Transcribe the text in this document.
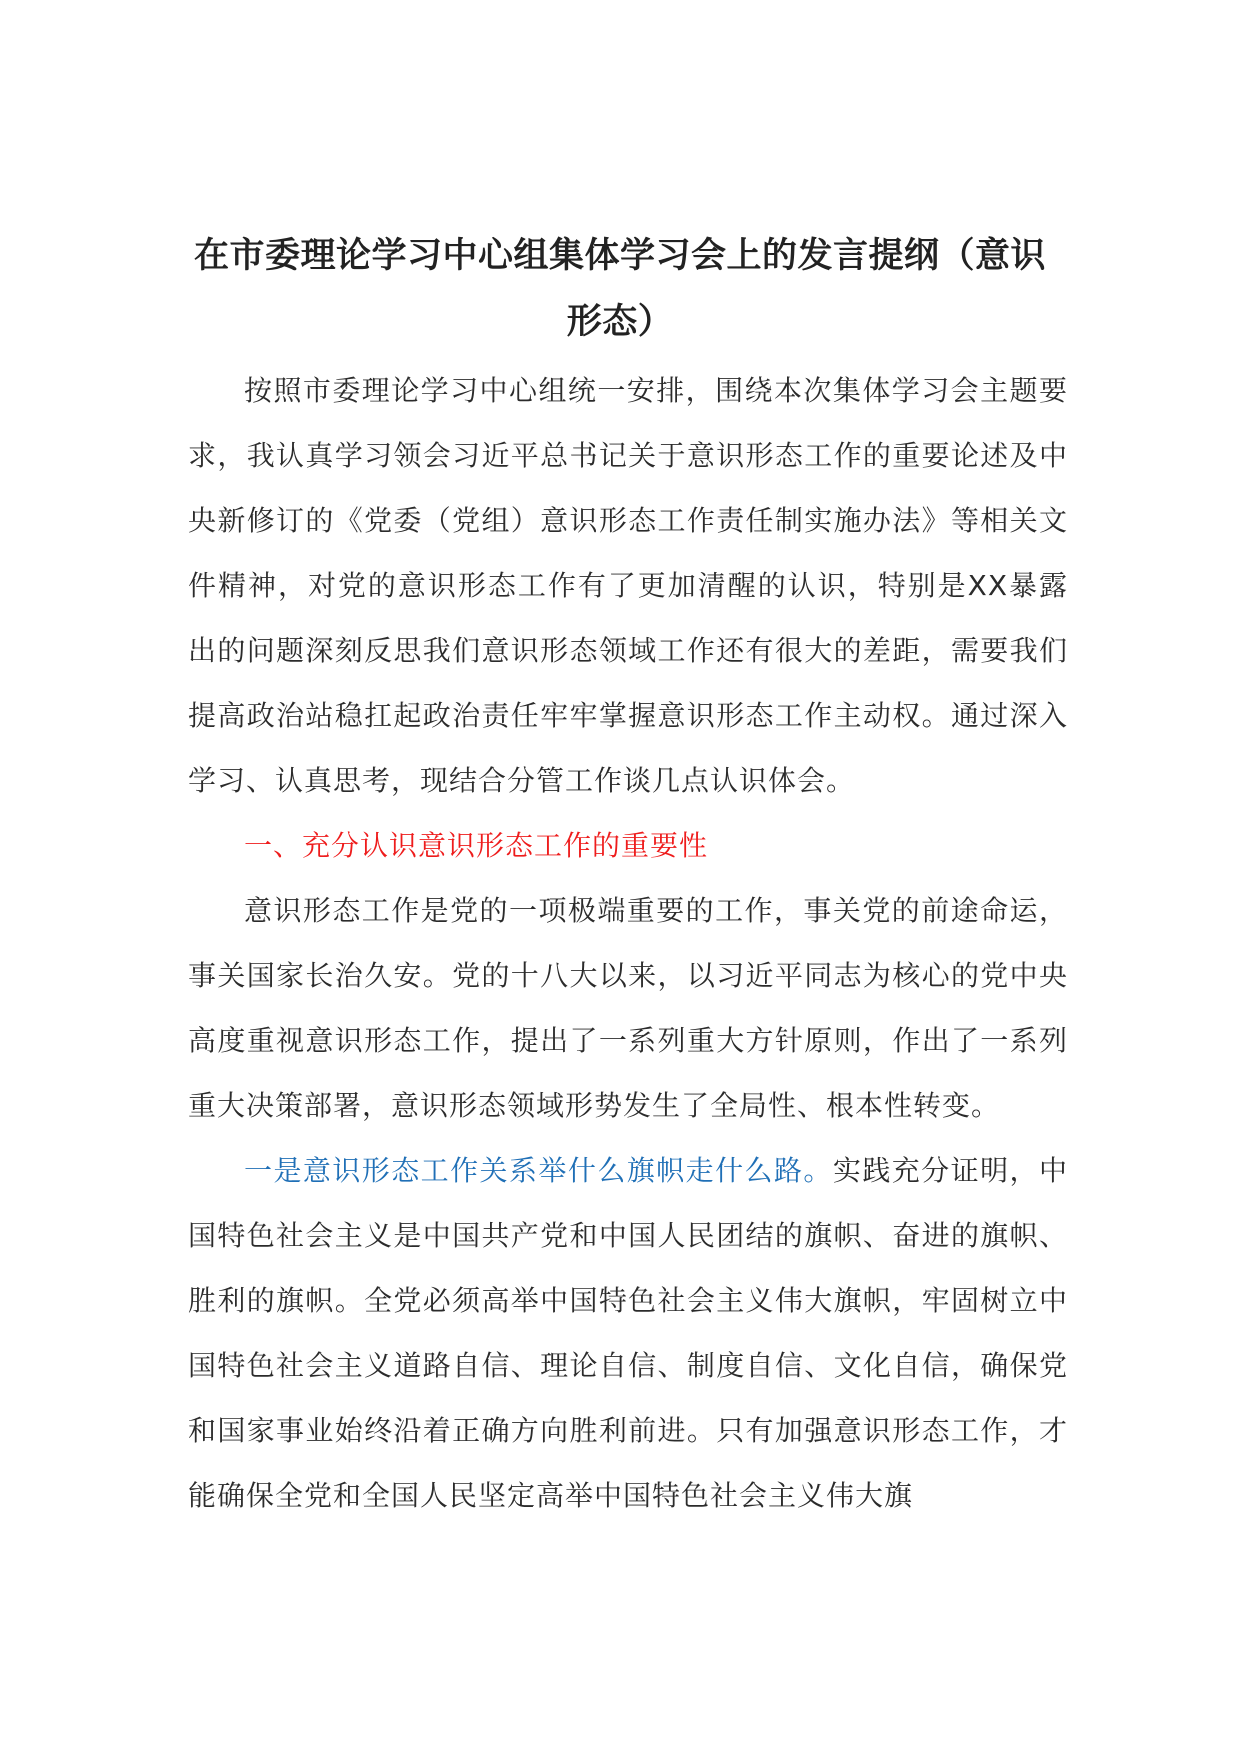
在市委理论学习中心组集体学习会上的发言提纲（意识形态）

按照市委理论学习中心组统一安排，围绕本次集体学习会主题要求，我认真学习领会习近平总书记关于意识形态工作的重要论述及中央新修订的《党委（党组）意识形态工作责任制实施办法》等相关文件精神，对党的意识形态工作有了更加清醒的认识，特别是XX暴露出的问题深刻反思我们意识形态领域工作还有很大的差距，需要我们提高政治站稳扛起政治责任牢牢掌握意识形态工作主动权。通过深入学习、认真思考，现结合分管工作谈几点认识体会。

一、充分认识意识形态工作的重要性

意识形态工作是党的一项极端重要的工作，事关党的前途命运，事关国家长治久安。党的十八大以来，以习近平同志为核心的党中央高度重视意识形态工作，提出了一系列重大方针原则，作出了一系列重大决策部署，意识形态领域形势发生了全局性、根本性转变。

一是意识形态工作关系举什么旗帜走什么路。实践充分证明，中国特色社会主义是中国共产党和中国人民团结的旗帜、奋进的旗帜、胜利的旗帜。全党必须高举中国特色社会主义伟大旗帜，牢固树立中国特色社会主义道路自信、理论自信、制度自信、文化自信，确保党和国家事业始终沿着正确方向胜利前进。只有加强意识形态工作，才能确保全党和全国人民坚定高举中国特色社会主义伟大旗
